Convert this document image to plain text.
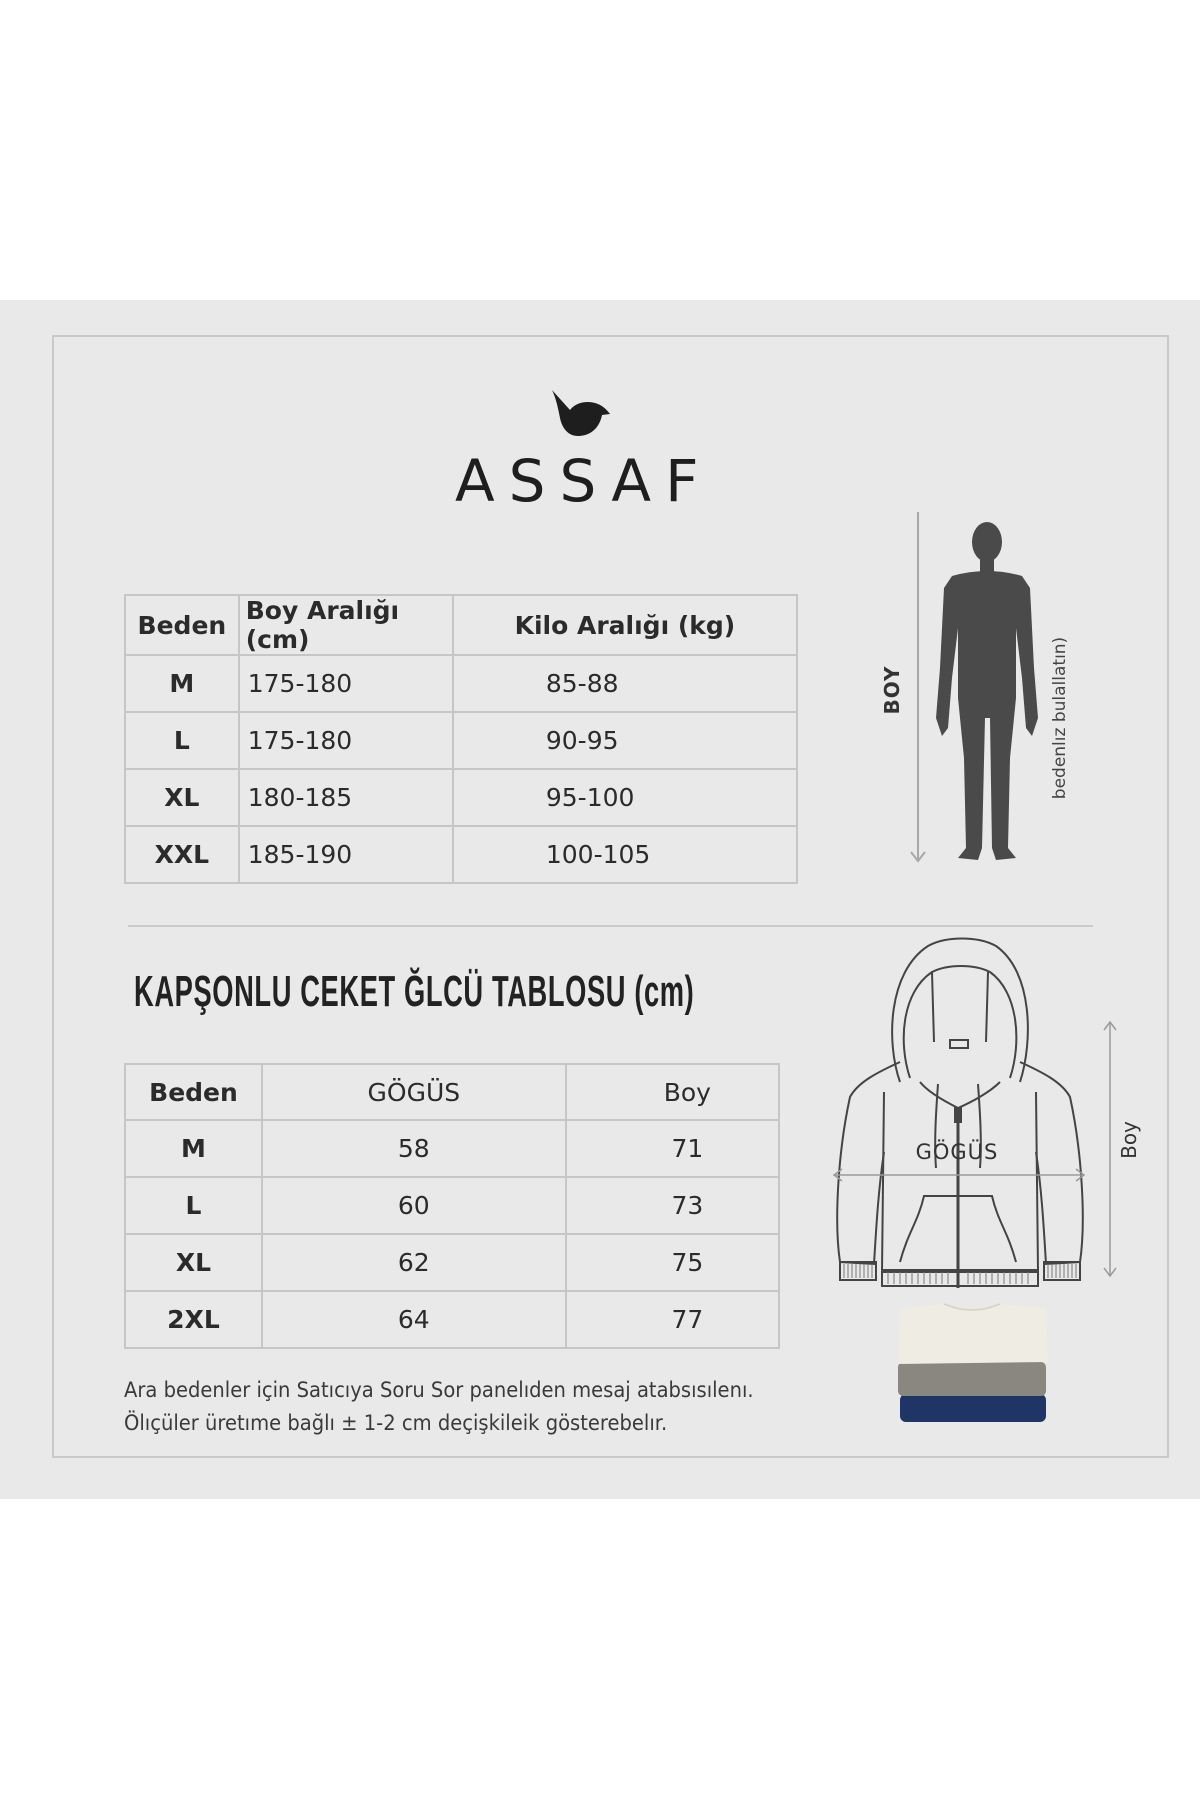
ASSAF
Beden	Boy Aralığı (cm)	Kilo Aralığı (kg)
M	175-180	85-88
L	175-180	90-95
XL	180-185	95-100
XXL	185-190	100-105
BOY	bedenlız bulallatın)
KAPŞONLU CEKET ĞLCÜ TABLOSU (cm)
Beden	GÖGÜS	Boy
M	58	71
L	60	73
XL	62	75
2XL	64	77
GÖGÜS	Boy
Ara bedenler için Satıcıya Soru Sor panelıden mesaj atabsısılenı.
Ölıçüler üretıme bağlı ± 1-2 cm deçişkileik gösterebelır.
